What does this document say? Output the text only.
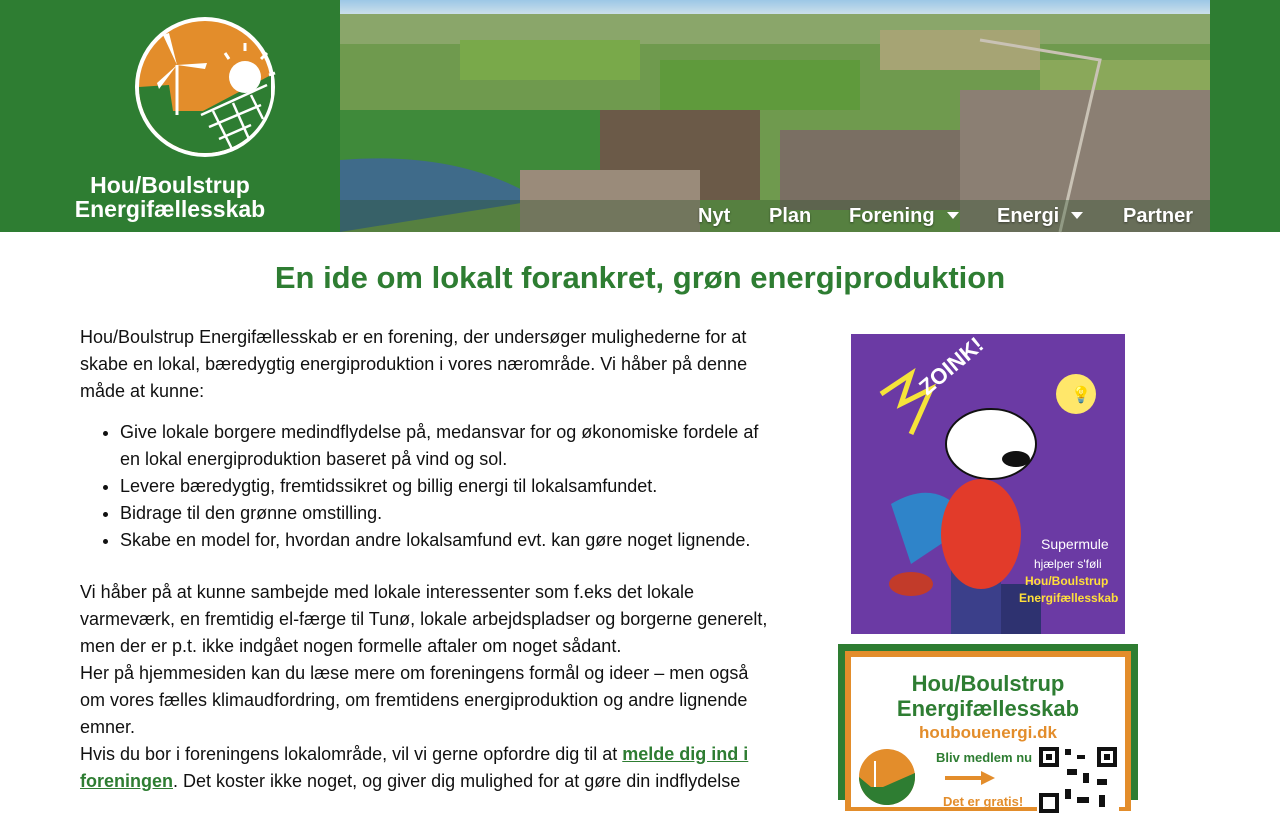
Hou/Boulstrup
Energifællesskab	Nyt Plan Forening	Energi	Partner
En ide om lokalt forankret, grøn energiproduktion

Hou/Boulstrup Energifællesskab er en forening, der undersøger mulighederne for at skabe en lokal, bæredygtig energiproduktion i vores nærområde. Vi håber på denne måde at kunne:

• Give lokale borgere medindflydelse på, medansvar for og økonomiske fordele af en lokal energiproduktion baseret på vind og sol.
• Levere bæredygtig, fremtidssikret og billig energi til lokalsamfundet.
• Bidrage til den grønne omstilling.
• Skabe en model for, hvordan andre lokalsamfund evt. kan gøre noget lignende.

Vi håber på at kunne sambejde med lokale interessenter som f.eks det lokale varmeværk, en fremtidig el-færge til Tunø, lokale arbejdspladser og borgerne generelt, men der er p.t. ikke indgået nogen formelle aftaler om noget sådant.

Her på hjemmesiden kan du læse mere om foreningens formål og ideer – men også om vores fælles klimaudfordring, om fremtidens energiproduktion og andre lignende emner.

Hvis du bor i foreningens lokalområde, vil vi gerne opfordre dig til at melde dig ind i foreningen. Det koster ikke noget, og giver dig mulighed for at gøre din indflydelse

💡
ZOINK!
Supermule
hjælper s'føli
Hou/Boulstrup
Energifællesskab
Hou/Boulstrup
Energifællesskab
houbouenergi.dk
Bliv medlem nu
Det er gratis!
